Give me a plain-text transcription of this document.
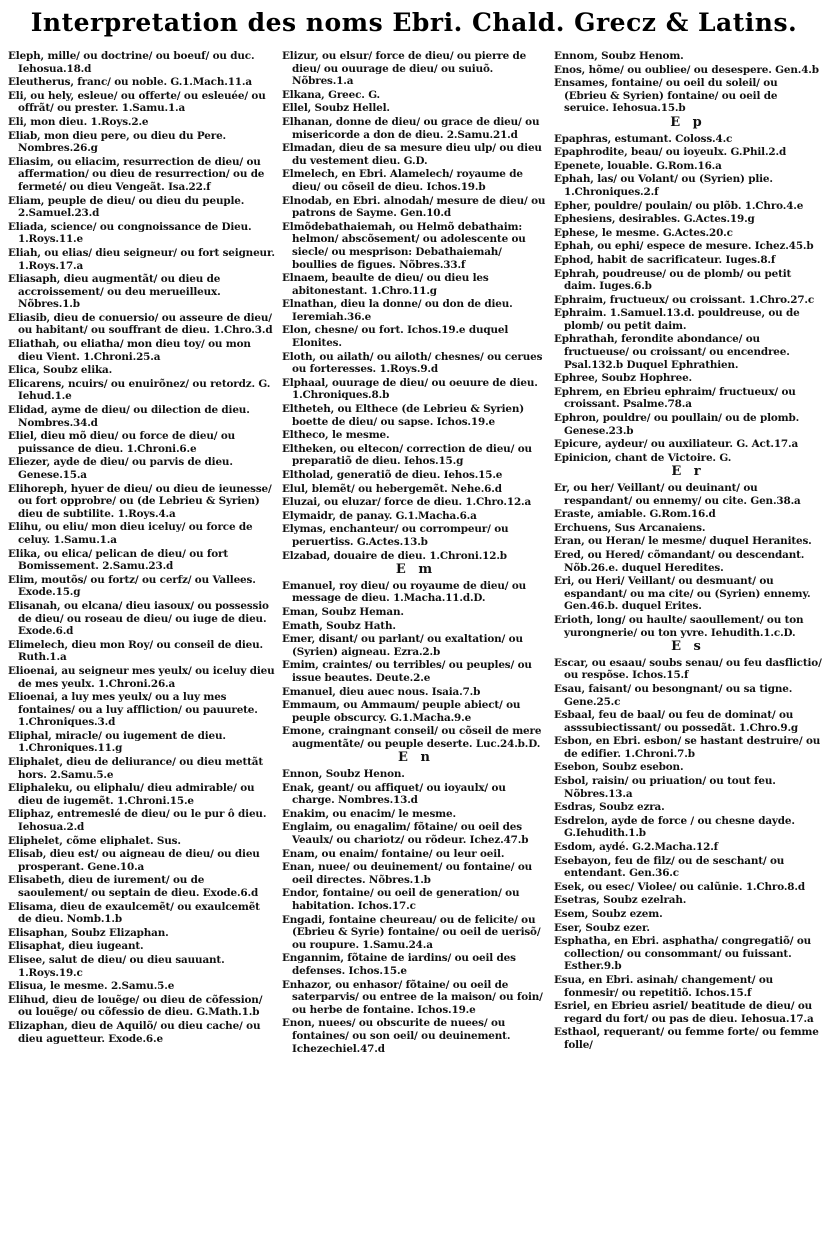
Interpretation des noms Ebri. Chald. Grecz & Latins.
Eleph, mille/ ou doctrine/ ou boeuf/ ou duc. Iehosua.18.d
Eleutherus, franc/ ou noble. G.1.Mach.11.a
Eli, ou hely, esleue/ ou offerte/ ou esleuée/ ou offrãt/ ou prester. 1.Samu.1.a
Eli, mon dieu. 1.Roys.2.e
Eliab, mon dieu pere, ou dieu du Pere. Nombres.26.g
Eliasim, ou eliacim, resurrection de dieu/ ou affermation/ ou dieu de resurrection/ ou de fermeté/ ou dieu Vengeãt. Isa.22.f
Eliam, peuple de dieu/ ou dieu du peuple. 2.Samuel.23.d
Eliada, science/ ou congnoissance de Dieu. 1.Roys.11.e
Eliah, ou elias/ dieu seigneur/ ou fort seigneur. 1.Roys.17.a
Eliasaph, dieu augmentãt/ ou dieu de accroissement/ ou deu merueilleux. Nõbres.1.b
Eliasib, dieu de conuersio/ ou asseure de dieu/ ou habitant/ ou souffrant de dieu. 1.Chro.3.d
Eliathah, ou eliatha/ mon dieu toy/ ou mon dieu Vient. 1.Chroni.25.a
Elica, Soubz elika.
Elicarens, ncuirs/ ou enuirõnez/ ou retordz. G. Iehud.1.e
Elidad, ayme de dieu/ ou dilection de dieu. Nombres.34.d
Eliel, dieu mõ dieu/ ou force de dieu/ ou puissance de dieu. 1.Chroni.6.e
Eliezer, ayde de dieu/ ou parvis de dieu. Genese.15.a
Elihoreph, hyuer de dieu/ ou dieu de ieunesse/ ou fort opprobre/ ou (de Lebrieu & Syrien) dieu de subtilite. 1.Roys.4.a
Elihu, ou eliu/ mon dieu iceluy/ ou force de celuy. 1.Samu.1.a
Elika, ou elica/ pelican de dieu/ ou fort Bomissement. 2.Samu.23.d
Elim, moutõs/ ou fortz/ ou cerfz/ ou Vallees. Exode.15.g
Elisanah, ou elcana/ dieu iasoux/ ou possessio de dieu/ ou roseau de dieu/ ou iuge de dieu. Exode.6.d
Elimelech, dieu mon Roy/ ou conseil de dieu. Ruth.1.a
Elioenai, au seigneur mes yeulx/ ou iceluy dieu de mes yeulx. 1.Chroni.26.a
Elioenai, a luy mes yeulx/ ou a luy mes fontaines/ ou a luy affliction/ ou pauurete. 1.Chroniques.3.d
Eliphal, miracle/ ou iugement de dieu. 1.Chroniques.11.g
Eliphalet, dieu de deliurance/ ou dieu mettãt hors. 2.Samu.5.e
Eliphaleku, ou eliphalu/ dieu admirable/ ou dieu de iugemẽt. 1.Chroni.15.e
Eliphaz, entremeslé de dieu/ ou le pur ô dieu. Iehosua.2.d
Eliphelet, cõme eliphalet. Sus.
Elisab, dieu est/ ou aigneau de dieu/ ou dieu prosperant. Gene.10.a
Elisabeth, dieu de iurement/ ou de saoulement/ ou septain de dieu. Exode.6.d
Elisama, dieu de exaulcemẽt/ ou exaulcemẽt de dieu. Nomb.1.b
Elisaphan, Soubz Elizaphan.
Elisaphat, dieu iugeant.
Elisee, salut de dieu/ ou dieu sauuant. 1.Roys.19.c
Elisua, le mesme. 2.Samu.5.e
Elihud, dieu de louẽge/ ou dieu de cõfession/ ou louẽge/ ou cõfessio de dieu. G.Math.1.b
Elizaphan, dieu de Aquilõ/ ou dieu cache/ ou dieu aguetteur. Exode.6.e
Elizur, ou elsur/ force de dieu/ ou pierre de dieu/ ou ouurage de dieu/ ou suiuõ. Nõbres.1.a
Elkana, Greec. G.
Ellel, Soubz Hellel.
Elhanan, donne de dieu/ ou grace de dieu/ ou misericorde a don de dieu. 2.Samu.21.d
Elmadan, dieu de sa mesure dieu ulp/ ou dieu du vestement dieu. G.D.
Elmelech, en Ebri. Alamelech/ royaume de dieu/ ou cõseil de dieu. Ichos.19.b
Elnodab, en Ebri. alnodah/ mesure de dieu/ ou patrons de Sayme. Gen.10.d
Elmõdebathaiemah, ou Helmõ debathaim: helmon/ abscõsement/ ou adolescente ou siecle/ ou mesprison: Debathaiemah/ boullies de figues. Nõbres.33.f
Elnaem, beaulte de dieu/ ou dieu les abitonestant. 1.Chro.11.g
Elnathan, dieu la donne/ ou don de dieu. Ieremiah.36.e
Elon, chesne/ ou fort. Ichos.19.e duquel Elonites.
Eloth, ou ailath/ ou ailoth/ chesnes/ ou cerues ou forteresses. 1.Roys.9.d
Elphaal, ouurage de dieu/ ou oeuure de dieu. 1.Chroniques.8.b
Eltheteh, ou Elthece (de Lebrieu & Syrien) boette de dieu/ ou sapse. Ichos.19.e
Eltheco, le mesme.
Eltheken, ou eltecon/ correction de dieu/ ou preparatiõ de dieu. Iehos.15.g
Eltholad, generatiõ de dieu. Iehos.15.e
Elul, blemẽt/ ou hebergemẽt. Nehe.6.d
Eluzai, ou eluzar/ force de dieu. 1.Chro.12.a
Elymaidr, de panay. G.1.Macha.6.a
Elymas, enchanteur/ ou corrompeur/ ou peruertiss. G.Actes.13.b
Elzabad, douaire de dieu. 1.Chroni.12.b
E m
Emanuel, roy dieu/ ou royaume de dieu/ ou message de dieu. 1.Macha.11.d.D.
Eman, Soubz Heman.
Emath, Soubz Hath.
Emer, disant/ ou parlant/ ou exaltation/ ou (Syrien) aigneau. Ezra.2.b
Emim, craintes/ ou terribles/ ou peuples/ ou issue beautes. Deute.2.e
Emanuel, dieu auec nous. Isaia.7.b
Emmaum, ou Ammaum/ peuple abiect/ ou peuple obscurcy. G.1.Macha.9.e
Emone, craingnant conseil/ ou cõseil de mere augmentãte/ ou peuple deserte. Luc.24.b.D.
E n
Ennon, Soubz Henon.
Enak, geant/ ou affiquet/ ou ioyaulx/ ou charge. Nombres.13.d
Enakim, ou enacim/ le mesme.
Englaim, ou enagalim/ fõtaine/ ou oeil des Veaulx/ ou chariotz/ ou rõdeur. Ichez.47.b
Enam, ou enaim/ fontaine/ ou leur oeil.
Enan, nuee/ ou deuinement/ ou fontaine/ ou oeil directes. Nõbres.1.b
Endor, fontaine/ ou oeil de generation/ ou habitation. Ichos.17.c
Engadi, fontaine cheureau/ ou de felicite/ ou (Ebrieu & Syrie) fontaine/ ou oeil de uerisõ/ ou roupure. 1.Samu.24.a
Engannim, fõtaine de iardins/ ou oeil des defenses. Ichos.15.e
Enhazor, ou enhasor/ fõtaine/ ou oeil de saterparvis/ ou entree de la maison/ ou foin/ ou herbe de fontaine. Ichos.19.e
Enon, nuees/ ou obscurite de nuees/ ou fontaines/ ou son oeil/ ou deuinement. Ichezechiel.47.d
Ennom, Soubz Henom.
Enos, hõme/ ou oubliee/ ou desespere. Gen.4.b
Ensames, fontaine/ ou oeil du soleil/ ou (Ebrieu & Syrien) fontaine/ ou oeil de seruice. Iehosua.15.b
E p
Epaphras, estumant. Coloss.4.c
Epaphrodite, beau/ ou ioyeulx. G.Phil.2.d
Epenete, louable. G.Rom.16.a
Ephah, las/ ou Volant/ ou (Syrien) plie. 1.Chroniques.2.f
Epher, pouldre/ poulain/ ou plõb. 1.Chro.4.e
Ephesiens, desirables. G.Actes.19.g
Ephese, le mesme. G.Actes.20.c
Ephah, ou ephi/ espece de mesure. Ichez.45.b
Ephod, habit de sacrificateur. Iuges.8.f
Ephrah, poudreuse/ ou de plomb/ ou petit daim. Iuges.6.b
Ephraim, fructueux/ ou croissant. 1.Chro.27.c
Ephraim. 1.Samuel.13.d. pouldreuse, ou de plomb/ ou petit daim.
Ephrathah, ferondite abondance/ ou fructueuse/ ou croissant/ ou encendree. Psal.132.b Duquel Ephrathien.
Ephree, Soubz Hophree.
Ephrem, en Ebrieu ephraim/ fructueux/ ou croissant. Psalme.78.a
Ephron, pouldre/ ou poullain/ ou de plomb. Genese.23.b
Epicure, aydeur/ ou auxiliateur. G. Act.17.a
Epinicion, chant de Victoire. G.
E r
Er, ou her/ Veillant/ ou deuinant/ ou respandant/ ou ennemy/ ou cite. Gen.38.a
Eraste, amiable. G.Rom.16.d
Erchuens, Sus Arcanaiens.
Eran, ou Heran/ le mesme/ duquel Heranites.
Ered, ou Hered/ cõmandant/ ou descendant. Nõb.26.e. duquel Heredites.
Eri, ou Heri/ Veillant/ ou desmuant/ ou espandant/ ou ma cite/ ou (Syrien) ennemy. Gen.46.b. duquel Erites.
Erioth, long/ ou haulte/ saoullement/ ou ton yurongnerie/ ou ton yvre. Iehudith.1.c.D.
E s
Escar, ou esaau/ soubs senau/ ou feu dasflictio/ ou respõse. Ichos.15.f
Esau, faisant/ ou besongnant/ ou sa tigne. Gene.25.c
Esbaal, feu de baal/ ou feu de dominat/ ou asssubiectissant/ ou possedãt. 1.Chro.9.g
Esbon, en Ebri. esbon/ se hastant destruire/ ou de edifier. 1.Chroni.7.b
Esebon, Soubz esebon.
Esbol, raisin/ ou priuation/ ou tout feu. Nõbres.13.a
Esdras, Soubz ezra.
Esdrelon, ayde de force / ou chesne dayde. G.Iehudith.1.b
Esdom, aydé. G.2.Macha.12.f
Esebayon, feu de filz/ ou de seschant/ ou entendant. Gen.36.c
Esek, ou esec/ Violee/ ou calũnie. 1.Chro.8.d
Esetras, Soubz ezelrah.
Esem, Soubz ezem.
Eser, Soubz ezer.
Esphatha, en Ebri. asphatha/ congregatiõ/ ou collection/ ou consommant/ ou fuissant. Esther.9.b
Esua, en Ebri. asinah/ changement/ ou fonmesir/ ou repetitiõ. Ichos.15.f
Esriel, en Ebrieu asriel/ beatitude de dieu/ ou regard du fort/ ou pas de dieu. Iehosua.17.a
Esthaol, requerant/ ou femme forte/ ou femme folle/
